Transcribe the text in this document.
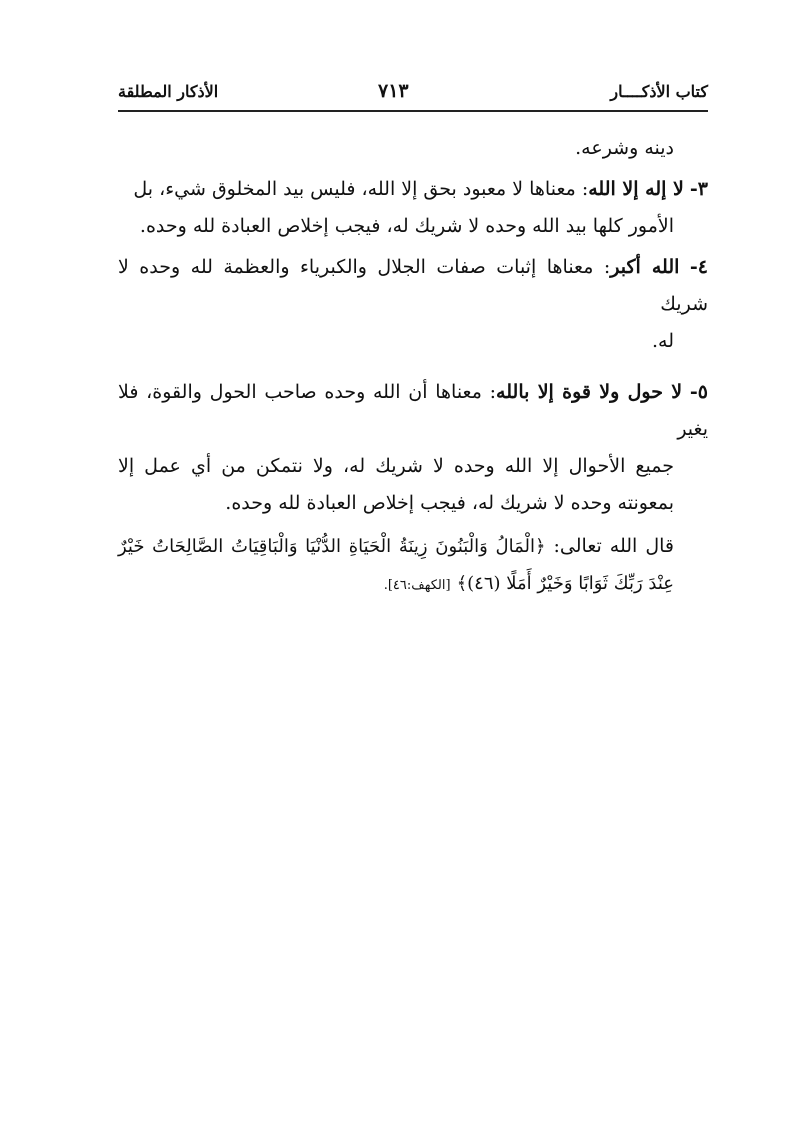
كتاب الأذكــــار
٧١٣
الأذكار المطلقة

دينه وشرعه.

٣- لا إله إلا الله: معناها لا معبود بحق إلا الله، فليس بيد المخلوق شيء، بل
الأمور كلها بيد الله وحده لا شريك له، فيجب إخلاص العبادة لله وحده.

٤- الله أكبر: معناها إثبات صفات الجلال والكبرياء والعظمة لله وحده لا شريك
له.

٥- لا حول ولا قوة إلا بالله: معناها أن الله وحده صاحب الحول والقوة، فلا يغير
جميع الأحوال إلا الله وحده لا شريك له، ولا نتمكن من أي عمل إلا بمعونته وحده لا شريك له، فيجب إخلاص العبادة لله وحده.

قال الله تعالى: ﴿الْمَالُ وَالْبَنُونَ زِينَةُ الْحَيَاةِ الدُّنْيَا وَالْبَاقِيَاتُ الصَّالِحَاتُ خَيْرٌ عِنْدَ رَبِّكَ ثَوَابًا وَخَيْرٌ أَمَلًا (٤٦)﴾ [الكهف:٤٦].
